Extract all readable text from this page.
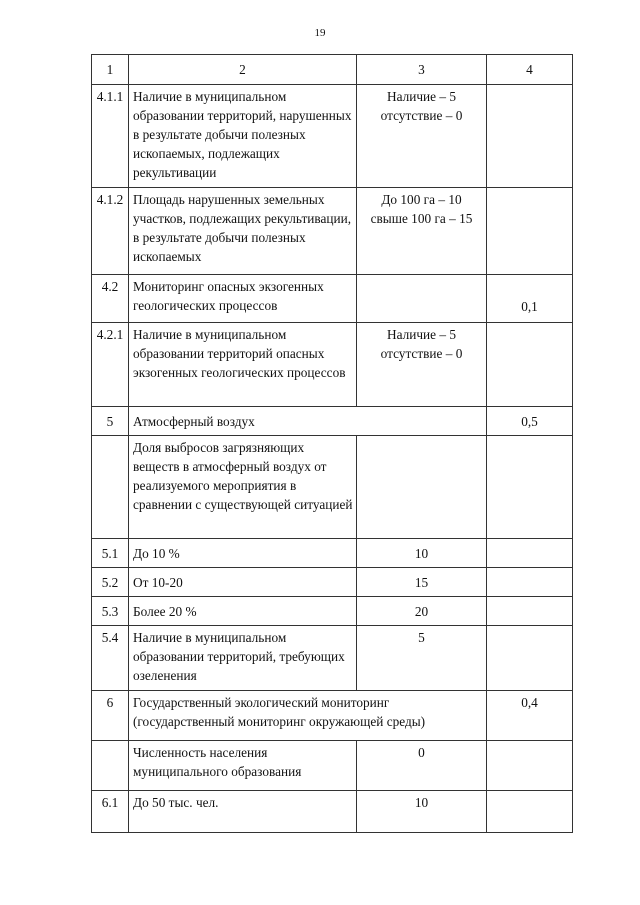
19
1	2	3	4
4.1.1	Наличие в муниципальном образовании территорий, нарушенных в результате добычи полезных ископаемых, подлежащих рекультивации	Наличие – 5
отсутствие – 0	

4.1.2	Площадь нарушенных земельных участков, подлежащих рекультивации, в результате добычи полезных ископаемых	До 100 га – 10
свыше 100 га – 15	

4.2	Мониторинг опасных экзогенных геологических процессов		0,1
4.2.1	Наличие в муниципальном образовании территорий опасных экзогенных геологических процессов	Наличие – 5
отсутствие – 0	

5	Атмосферный воздух		0,5
	Доля выбросов загрязняющих веществ в атмосферный воздух от реализуемого мероприятия в сравнении с существующей ситуацией		
5.1	До 10 %	10	
5.2	От 10-20	15	
5.3	Более 20 %	20	
5.4	Наличие в муниципальном образовании территорий, требующих озеленения	5	
6	Государственный экологический мониторинг (государственный мониторинг окружающей среды)		0,4
	Численность населения муниципального образования	0	
6.1	До 50 тыс. чел.	10	
